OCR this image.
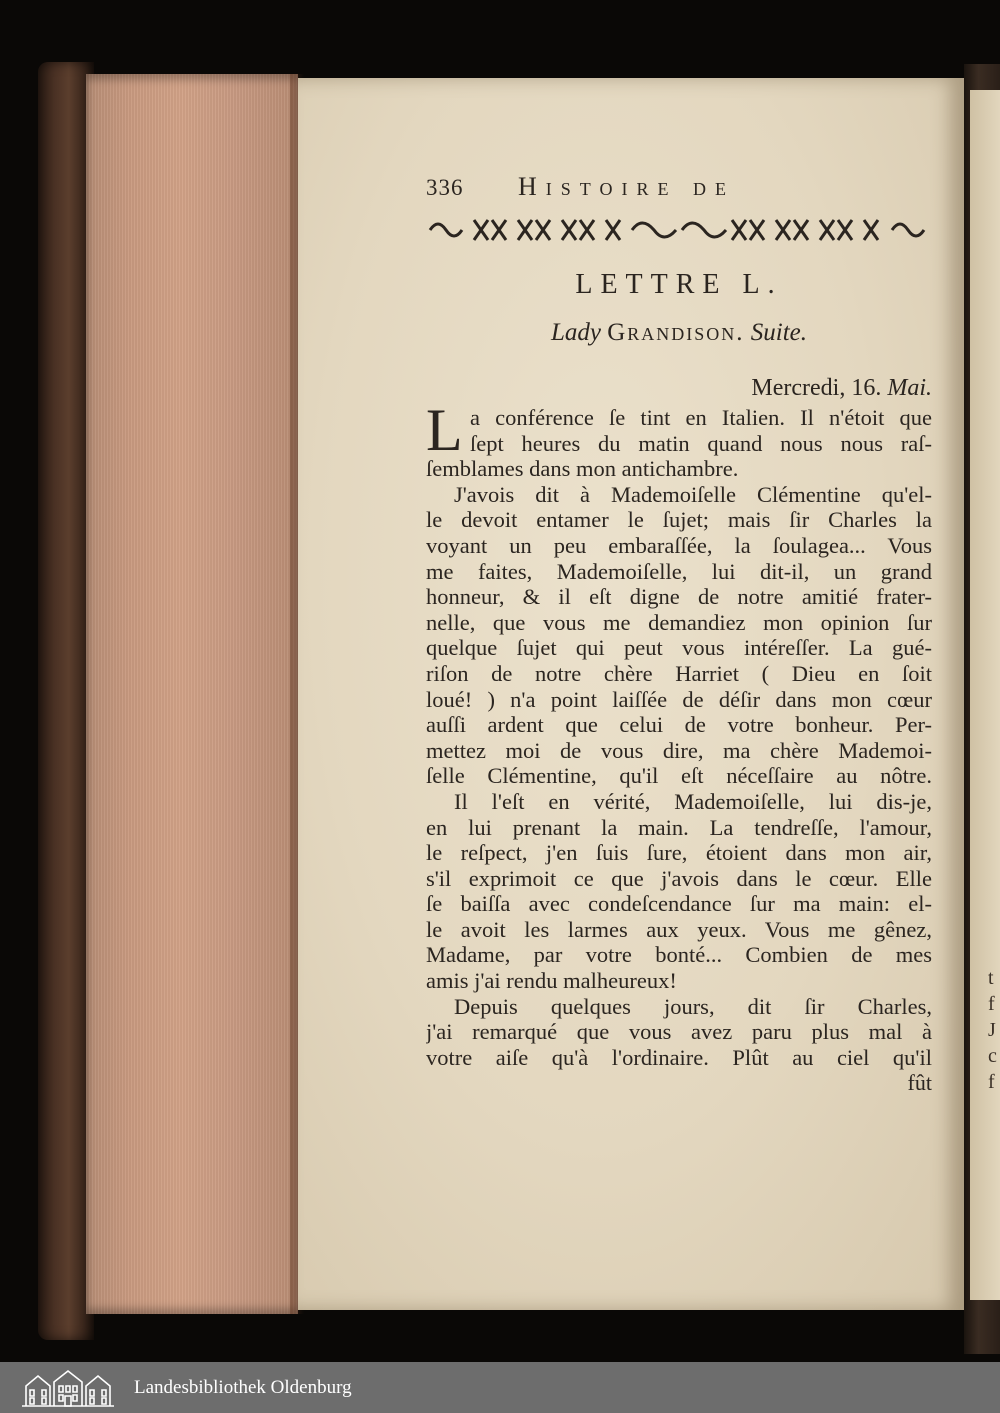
t
f
J
c
f
336	Histoire de
LETTRE L.
Lady Grandison. Suite.
Mercredi, 16. Mai.
L a conférence ſe tint en Italien. Il n'étoit que
ſept heures du matin quand nous nous raſ-
ſemblames dans mon antichambre.
J'avois dit à Mademoiſelle Clémentine qu'el-
le devoit entamer le ſujet; mais ſir Charles la
voyant un peu embaraſſée, la ſoulagea... Vous
me faites, Mademoiſelle, lui dit-il, un grand
honneur, & il eſt digne de notre amitié frater-
nelle, que vous me demandiez mon opinion ſur
quelque ſujet qui peut vous intéreſſer. La gué-
riſon de notre chère Harriet ( Dieu en ſoit
loué! ) n'a point laiſſée de déſir dans mon cœur
auſſi ardent que celui de votre bonheur. Per-
mettez moi de vous dire, ma chère Mademoi-
ſelle Clémentine, qu'il eſt néceſſaire au nôtre.
Il l'eſt en vérité, Mademoiſelle, lui dis-je,
en lui prenant la main. La tendreſſe, l'amour,
le reſpect, j'en ſuis ſure, étoient dans mon air,
s'il exprimoit ce que j'avois dans le cœur. Elle
ſe baiſſa avec condeſcendance ſur ma main: el-
le avoit les larmes aux yeux. Vous me gênez,
Madame, par votre bonté... Combien de mes
amis j'ai rendu malheureux!
Depuis quelques jours, dit ſir Charles,
j'ai remarqué que vous avez paru plus mal à
votre aiſe qu'à l'ordinaire. Plût au ciel qu'il
fût
Landesbibliothek Oldenburg
